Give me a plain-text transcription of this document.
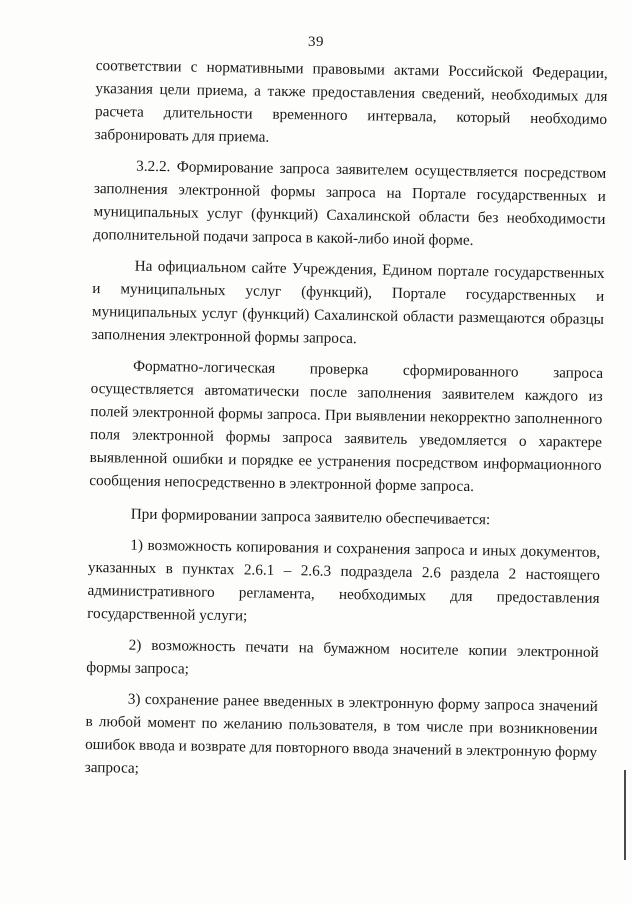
39

соответствии с нормативными правовыми актами Российской Федерации, указания цели приема, а также предоставления сведений, необходимых для расчета длительности временного интервала, который необходимо забронировать для приема.

3.2.2. Формирование запроса заявителем осуществляется посредством заполнения электронной формы запроса на Портале государственных и муниципальных услуг (функций) Сахалинской области без необходимости дополнительной подачи запроса в какой-либо иной форме.

На официальном сайте Учреждения, Едином портале государственных и муниципальных услуг (функций), Портале государственных и муниципальных услуг (функций) Сахалинской области размещаются образцы заполнения электронной формы запроса.

Форматно-логическая проверка сформированного запроса осуществляется автоматически после заполнения заявителем каждого из полей электронной формы запроса. При выявлении некорректно заполненного поля электронной формы запроса заявитель уведомляется о характере выявленной ошибки и порядке ее устранения посредством информационного сообщения непосредственно в электронной форме запроса.

При формировании запроса заявителю обеспечивается:

1) возможность копирования и сохранения запроса и иных документов, указанных в пунктах 2.6.1 – 2.6.3 подраздела 2.6 раздела 2 настоящего административного регламента, необходимых для предоставления государственной услуги;

2) возможность печати на бумажном носителе копии электронной формы запроса;

3) сохранение ранее введенных в электронную форму запроса значений в любой момент по желанию пользователя, в том числе при возникновении ошибок ввода и возврате для повторного ввода значений в электронную форму запроса;
